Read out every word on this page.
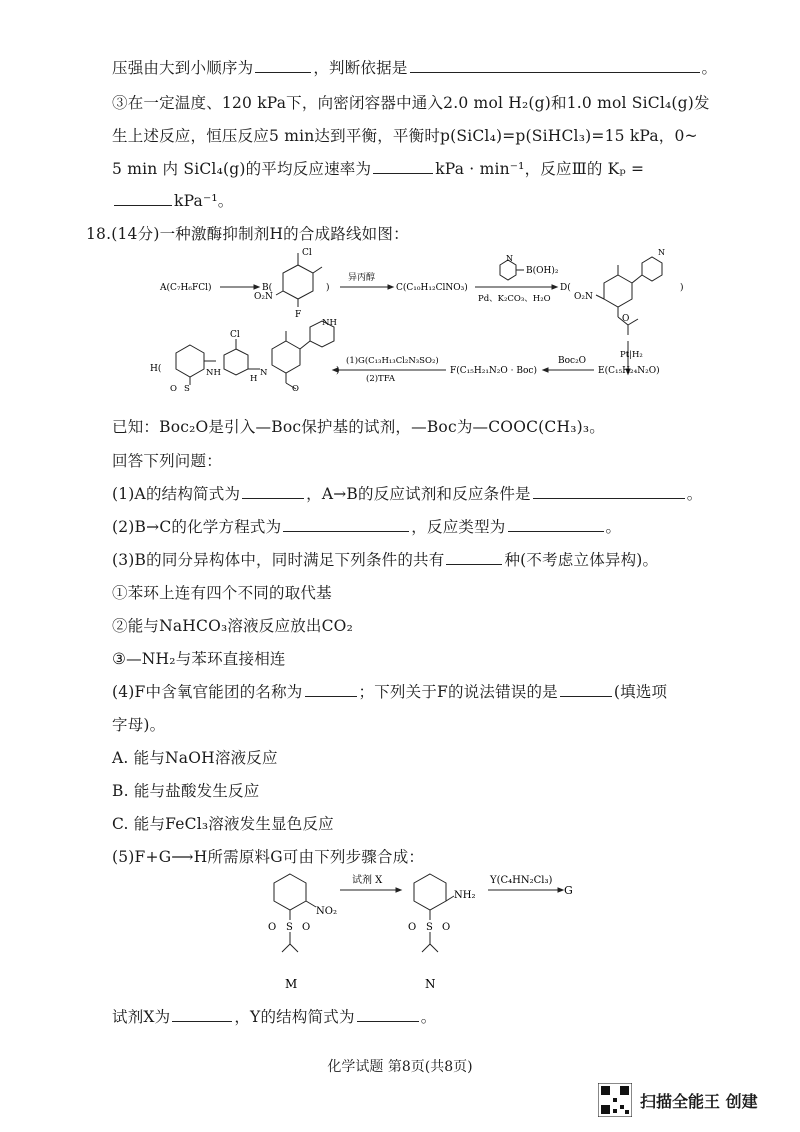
压强由大到小顺序为	，判断依据是	。
③在一定温度、120 kPa下，向密闭容器中通入2.0 mol H₂(g)和1.0 mol SiCl₄(g)发
生上述反应，恒压反应5 min达到平衡，平衡时p(SiCl₄)=p(SiHCl₃)=15 kPa，0~
5 min 内 SiCl₄(g)的平均反应速率为	kPa · min⁻¹，反应Ⅲ的 Kₚ =
kPa⁻¹。
18.(14分)一种激酶抑制剂H的合成路线如图：
A(C₇H₆FCl)	B(
Cl
O₂N
F
)
异丙醇
C(C₁₀H₁₂ClNO₃)
N
B(OH)₂
Pd、K₂CO₃、H₂O
D(
O₂N
N
O
)
Pt|H₂
E(C₁₅H₂₄N₂O)
Boc₂O
F(C₁₅H₂₁N₂O · Boc)
(1)G(C₁₃H₁₃Cl₂N₃SO₂)
(2)TFA
H(
Cl
NH
H
N
NH
S
O	O
)
已知：Boc₂O是引入—Boc保护基的试剂，—Boc为—COOC(CH₃)₃。
回答下列问题：
(1)A的结构简式为	，A→B的反应试剂和反应条件是	。
(2)B→C的化学方程式为	，反应类型为	。
(3)B的同分异构体中，同时满足下列条件的共有	种(不考虑立体异构)。
①苯环上连有四个不同的取代基
②能与NaHCO₃溶液反应放出CO₂
③—NH₂与苯环直接相连
(4)F中含氧官能团的名称为	；下列关于F的说法错误的是	(填选项
字母)。
A. 能与NaOH溶液反应
B. 能与盐酸发生反应
C. 能与FeCl₃溶液发生显色反应
(5)F+G⟶H所需原料G可由下列步骤合成：
NO₂
S
O	O
NH₂
S
O	O
试剂 X	Y(C₄HN₂Cl₃)
G
M	N
试剂X为	，Y的结构简式为	。
化学试题 第8页(共8页)
扫描全能王 创建
